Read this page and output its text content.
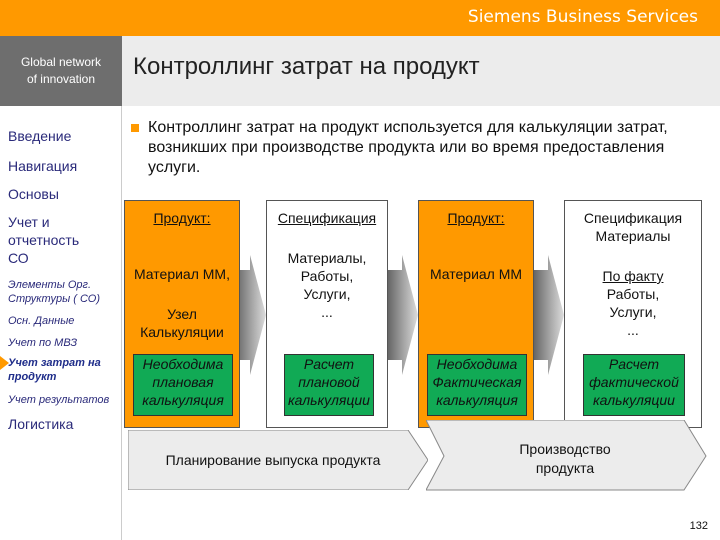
Siemens Business Services
Global network
of innovation	Контроллинг затрат на продукт
Введение
Навигация
Основы
Учет и
отчетность
СО
Элементы Орг.
Структуры ( СО)
Осн. Данные
Учет по МВЗ
Учет затрат на
продукт
Учет результатов
Логистика
Контроллинг затрат на продукт используется для калькуляции затрат, возникших при производстве продукта или во время предоставления услуги.
Продукт:
Материал ММ,
Узел
Калькуляции
Необходима
плановая
калькуляция
Спецификация
Материалы,
Работы,
Услуги,
...
Расчет
плановой
калькуляции
Продукт:
Материал ММ
Необходима
Фактическая
калькуляция
Спецификация
Материалы
По факту
Работы,
Услуги,
...
Расчет
фактической
калькуляции
Планирование выпуска продукта
Производство
продукта
SIEMENS	132
